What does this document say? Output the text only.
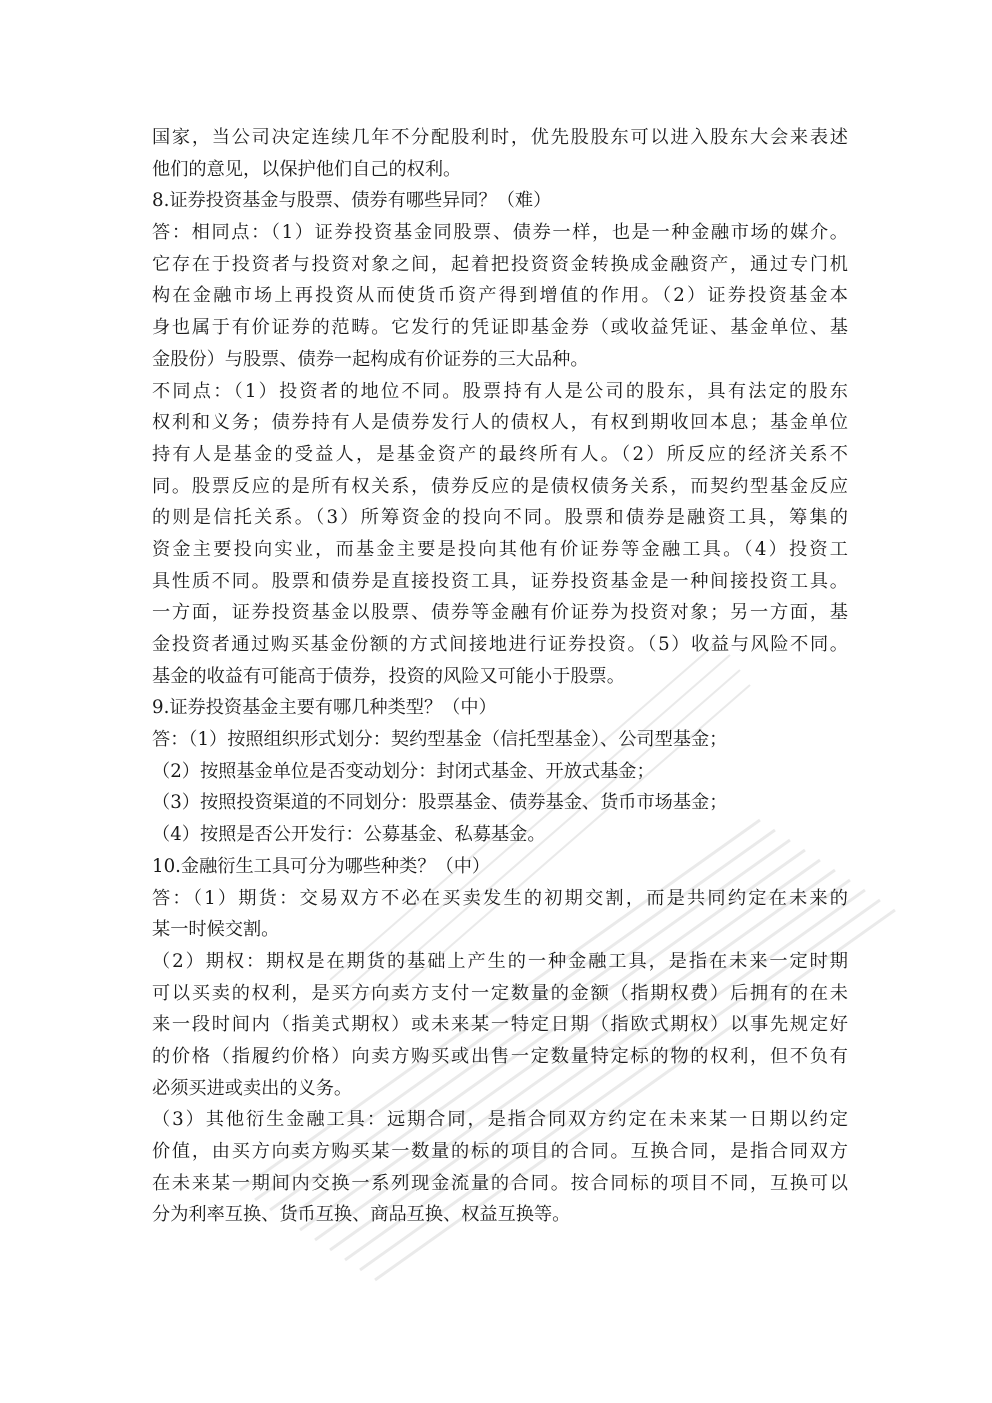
国家，当公司决定连续几年不分配股利时，优先股股东可以进入股东大会来表述
他们的意见，以保护他们自己的权利。
8.证券投资基金与股票、债券有哪些异同？（难）
答：相同点：（1）证券投资基金同股票、债券一样，也是一种金融市场的媒介。
它存在于投资者与投资对象之间，起着把投资资金转换成金融资产，通过专门机
构在金融市场上再投资从而使货币资产得到增值的作用。（2）证券投资基金本
身也属于有价证券的范畴。它发行的凭证即基金券（或收益凭证、基金单位、基
金股份）与股票、债券一起构成有价证券的三大品种。
不同点：（1）投资者的地位不同。股票持有人是公司的股东，具有法定的股东
权利和义务；债券持有人是债券发行人的债权人，有权到期收回本息；基金单位
持有人是基金的受益人，是基金资产的最终所有人。（2）所反应的经济关系不
同。股票反应的是所有权关系，债券反应的是债权债务关系，而契约型基金反应
的则是信托关系。（3）所筹资金的投向不同。股票和债券是融资工具，筹集的
资金主要投向实业，而基金主要是投向其他有价证券等金融工具。（4）投资工
具性质不同。股票和债券是直接投资工具，证券投资基金是一种间接投资工具。
一方面，证券投资基金以股票、债券等金融有价证券为投资对象；另一方面，基
金投资者通过购买基金份额的方式间接地进行证券投资。（5）收益与风险不同。
基金的收益有可能高于债券，投资的风险又可能小于股票。
9.证券投资基金主要有哪几种类型？（中）
答：（1）按照组织形式划分：契约型基金（信托型基金）、公司型基金；
（2）按照基金单位是否变动划分：封闭式基金、开放式基金；
（3）按照投资渠道的不同划分：股票基金、债券基金、货币市场基金；
（4）按照是否公开发行：公募基金、私募基金。
10.金融衍生工具可分为哪些种类？（中）
答：（1）期货：交易双方不必在买卖发生的初期交割，而是共同约定在未来的
某一时候交割。
（2）期权：期权是在期货的基础上产生的一种金融工具，是指在未来一定时期
可以买卖的权利，是买方向卖方支付一定数量的金额（指期权费）后拥有的在未
来一段时间内（指美式期权）或未来某一特定日期（指欧式期权）以事先规定好
的价格（指履约价格）向卖方购买或出售一定数量特定标的物的权利，但不负有
必须买进或卖出的义务。
（3）其他衍生金融工具：远期合同，是指合同双方约定在未来某一日期以约定
价值，由买方向卖方购买某一数量的标的项目的合同。互换合同，是指合同双方
在未来某一期间内交换一系列现金流量的合同。按合同标的项目不同，互换可以
分为利率互换、货币互换、商品互换、权益互换等。
